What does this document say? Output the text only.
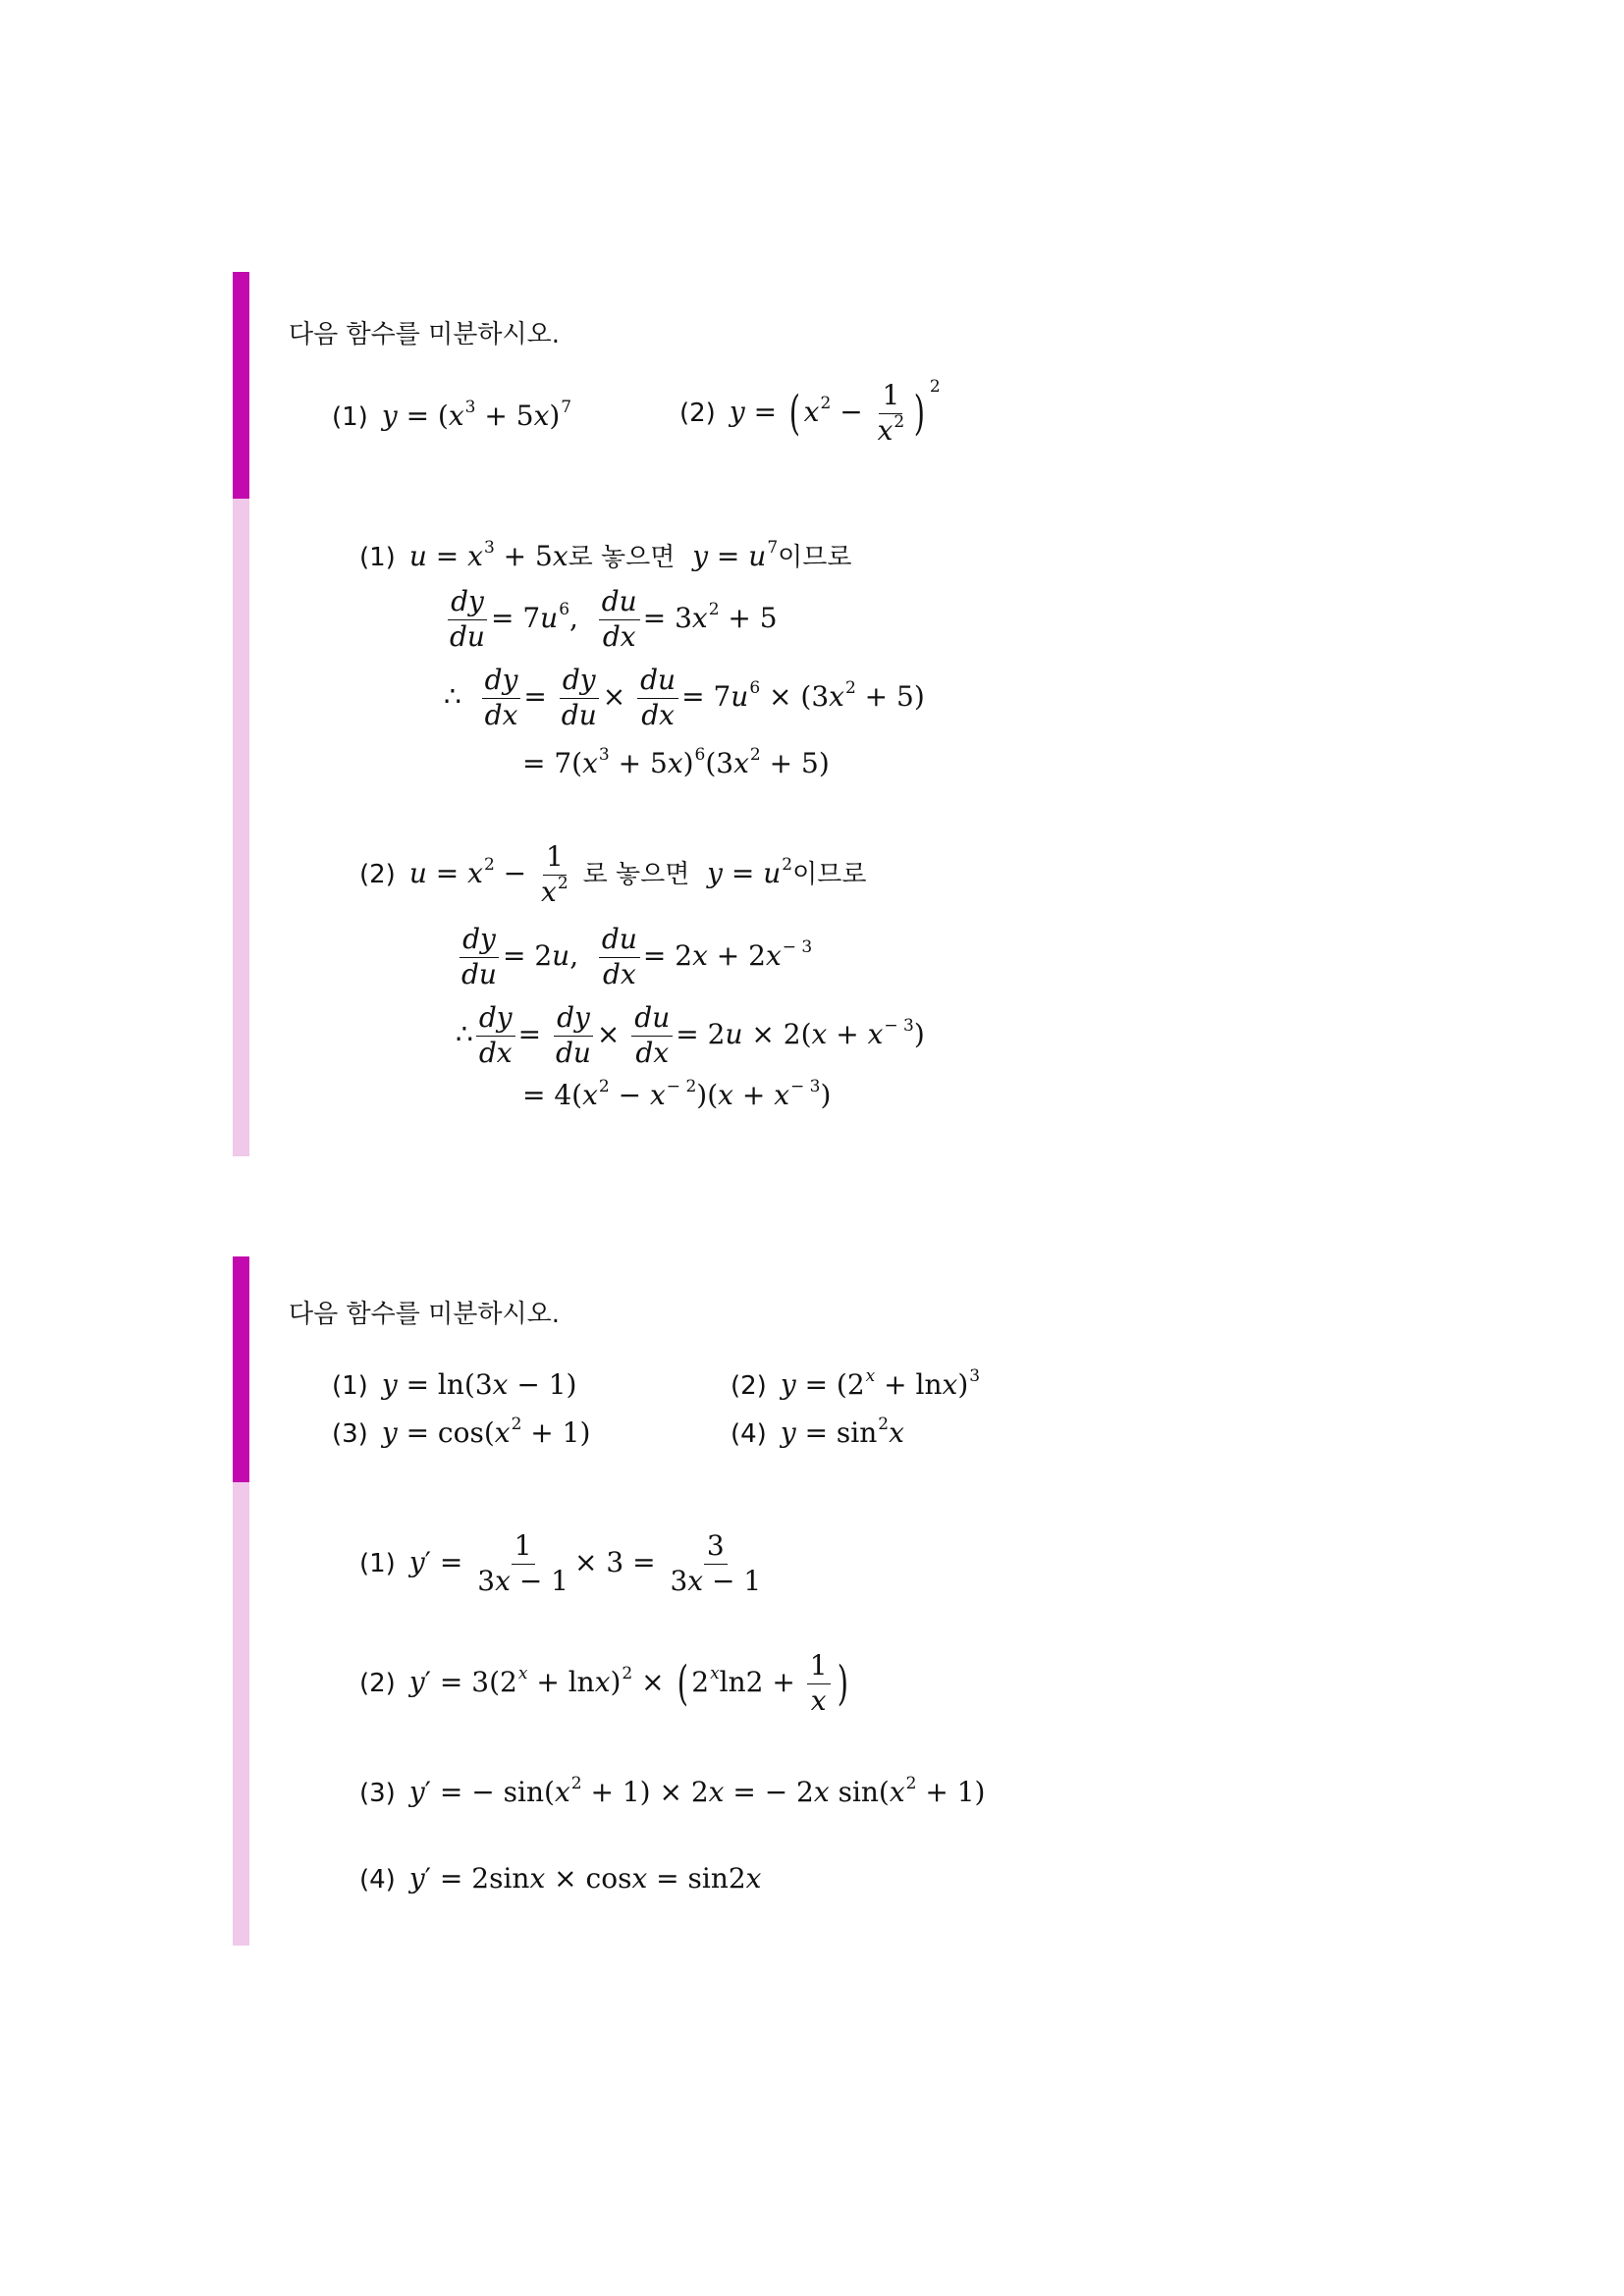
다음 함수를 미분하시오.
(1) $y = (x^3 + 5x)^7$	(2) y = ( $x^2 - \frac{1}{x^2}$ ) $^2$
(1) $u = x^3 + 5x$로 놓으면 $y = u^7$이므로
$\frac{dy}{du} = 7u^6$, $\frac{du}{dx} = 3x^2 + 5$
∴ $\frac{dy}{dx} = \frac{dy}{du} \times \frac{du}{dx} = 7u^6 \times (3x^2 + 5)$
= $7(x^3 + 5x)^6(3x^2 + 5)$
(2) $u = x^2 - \frac{1}{x^2}$ 로 놓으면 $y = u^2$이므로
$\frac{dy}{du} = 2u$, $\frac{du}{dx} = 2x + 2x^{- 3}$
∴ $\frac{dy}{dx} = \frac{dy}{du} \times \frac{du}{dx} = 2u \times 2(x + x^{- 3})$
= $4(x^2 - x^{- 2})(x + x^{- 3})$
다음 함수를 미분하시오.
(1) y = ln(3x − 1)	(2) $y = (2^x + \ln x)^3$
(3) $y = \cos(x^2 + 1)$	(4) $y = \sin^2x$
(1) $y' = \frac{1}{3x - 1} \times 3 = \frac{3}{3x - 1}$
(2) $y' = 3(2^x + \ln x)^2$ × ( $2^x\ln 2 + \frac{1}{x}$ )
(3) y′ = − $\sin(x^2 + 1) \times 2x$ = − 2x $\sin(x^2 + 1)$
(4) y′ = 2sinx × cosx = sin2x
